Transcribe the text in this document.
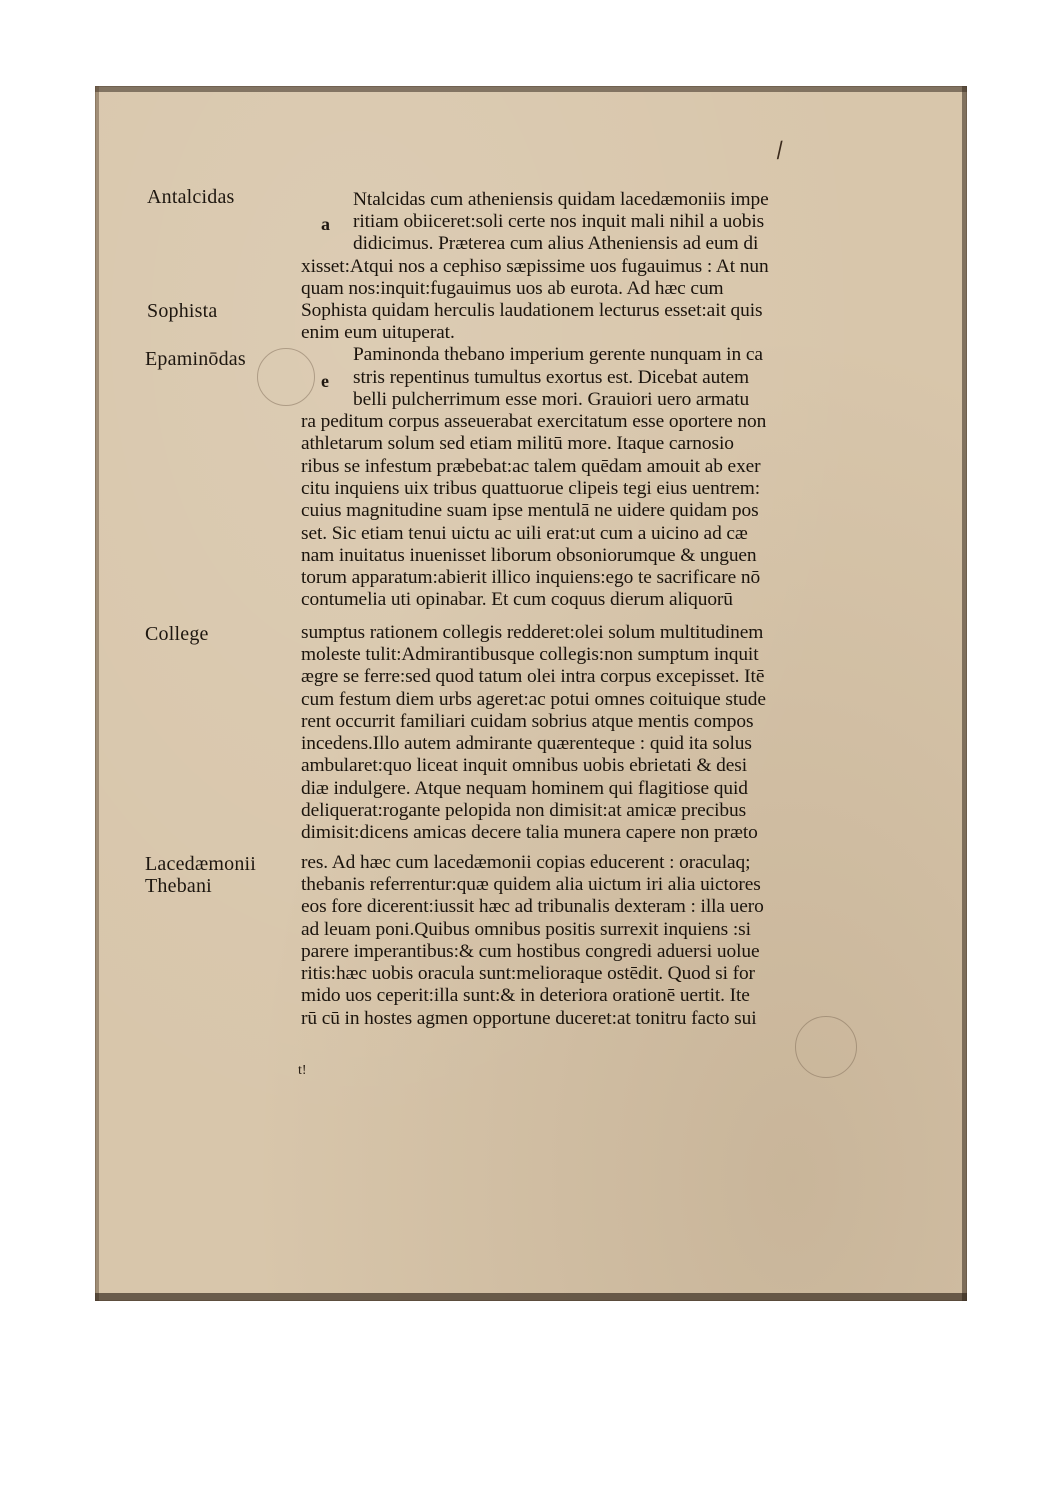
/
Antalcidas
Sophista
Epaminōdas
College
Lacedæmonii
Thebani
a
e
Ntalcidas cum atheniensis quidam lacedæmoniis impe
ritiam obiiceret:soli certe nos inquit mali nihil a uobis
didicimus. Præterea cum alius Atheniensis ad eum di
xisset:Atqui nos a cephiso sæpissime uos fugauimus : At nun
quam nos:inquit:fugauimus uos ab eurota. Ad hæc cum
Sophista quidam herculis laudationem lecturus esset:ait quis
enim eum uituperat.
Paminonda thebano imperium gerente nunquam in ca
stris repentinus tumultus exortus est. Dicebat autem
belli pulcherrimum esse mori. Grauiori uero armatu
ra peditum corpus asseuerabat exercitatum esse oportere non
athletarum solum sed etiam militū more. Itaque carnosio
ribus se infestum præbebat:ac talem quēdam amouit ab exer
citu inquiens uix tribus quattuorue clipeis tegi eius uentrem:
cuius magnitudine suam ipse mentulā ne uidere quidam pos
set. Sic etiam tenui uictu ac uili erat:ut cum a uicino ad cæ
nam inuitatus inuenisset liborum obsoniorumque & unguen
torum apparatum:abierit illico inquiens:ego te sacrificare nō
contumelia uti opinabar. Et cum coquus dierum aliquorū
sumptus rationem collegis redderet:olei solum multitudinem
moleste tulit:Admirantibusque collegis:non sumptum inquit
ægre se ferre:sed quod tatum olei intra corpus excepisset. Itē
cum festum diem urbs ageret:ac potui omnes coituique stude
rent occurrit familiari cuidam sobrius atque mentis compos
incedens.Illo autem admirante quærenteque : quid ita solus
ambularet:quo liceat inquit omnibus uobis ebrietati & desi
diæ indulgere. Atque nequam hominem qui flagitiose quid
deliquerat:rogante pelopida non dimisit:at amicæ precibus
dimisit:dicens amicas decere talia munera capere non præto
res. Ad hæc cum lacedæmonii copias educerent : oraculaq;
thebanis referrentur:quæ quidem alia uictum iri alia uictores
eos fore dicerent:iussit hæc ad tribunalis dexteram : illa uero
ad leuam poni.Quibus omnibus positis surrexit inquiens :si
parere imperantibus:& cum hostibus congredi aduersi uolue
ritis:hæc uobis oracula sunt:melioraque ostēdit. Quod si for
mido uos ceperit:illa sunt:& in deteriora orationē uertit. Ite
rū cū in hostes agmen opportune duceret:at tonitru facto sui
t!
